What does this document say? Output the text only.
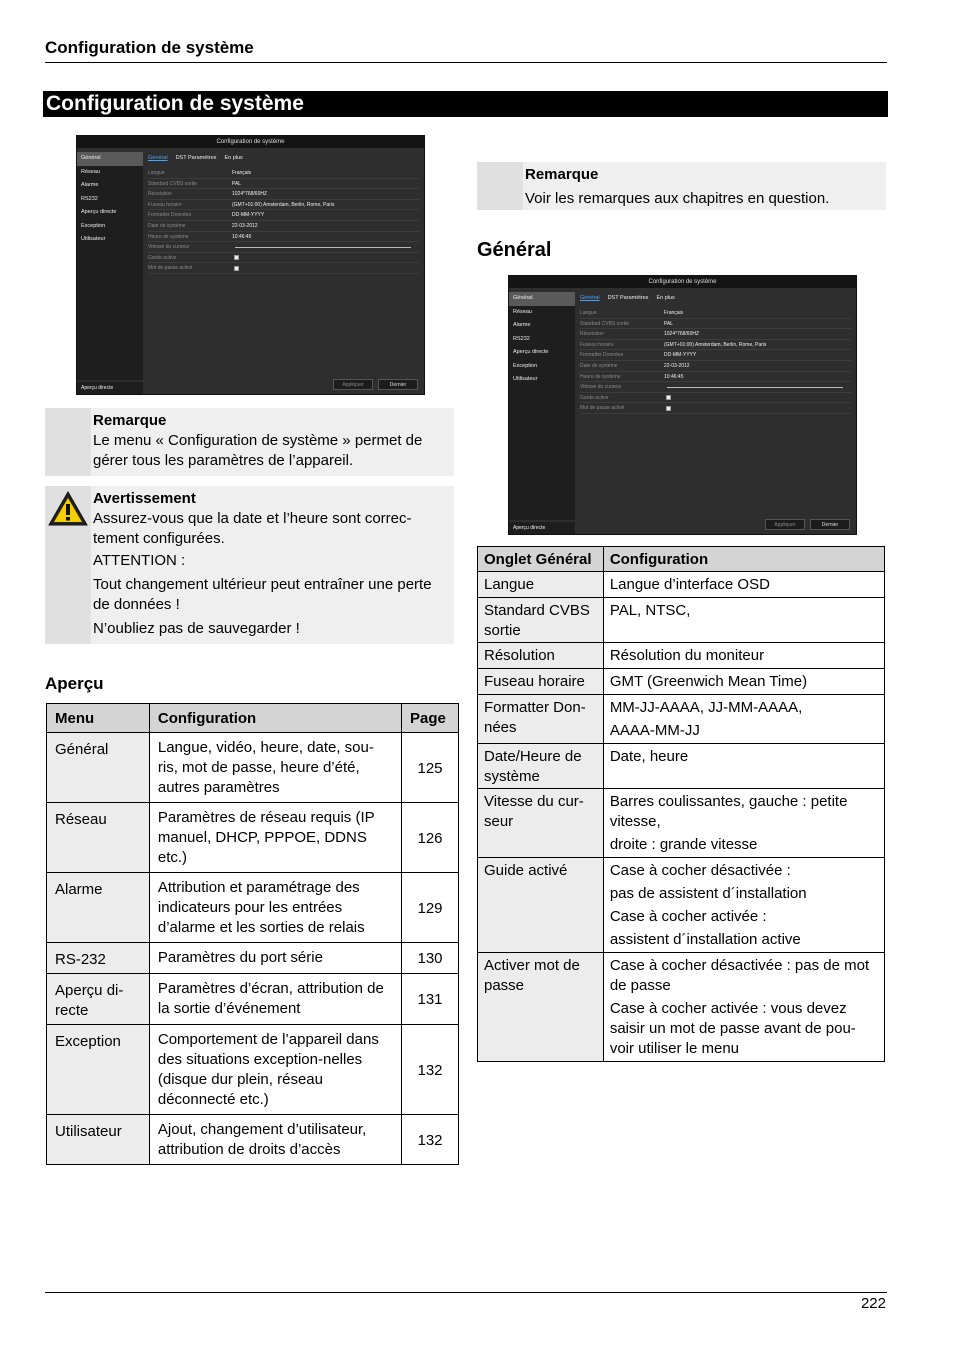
Configuration de système
Configuration de système
Configuration de système
Général
Réseau
Alarme
RS232
Aperçu directe
Exception
Utilisateur
Général DST Paramètres En plus
Langue	Français
Standard CVBS sortie	PAL
Résolution	1024*768/60HZ
Fuseau horaire	(GMT+01:00) Amsterdam, Berlin, Rome, Paris
Formatter Données	DD-MM-YYYY
Date de système	22-03-2012
Heure de système	10:46:45
Vitesse du curseur
Garde active
Mot de passe activé
Appliquer	Dernier
Aperçu directe
Remarque
Le menu « Configuration de système » permet de gérer tous les paramètres de l’appareil.
Avertissement
Assurez-vous que la date et l’heure sont correc-tement configurées.
ATTENTION :
Tout changement ultérieur peut entraîner une perte de données !
N’oubliez pas de sauvegarder !
Aperçu
Menu	Configuration	Page
Général	Langue, vidéo, heure, date, sou-ris, mot de passe, heure d’été, autres paramètres	125
Réseau	Paramètres de réseau requis (IP manuel, DHCP, PPPOE, DDNS etc.)	126
Alarme	Attribution et paramétrage des indicateurs pour les entrées d’alarme et les sorties de relais	129
RS-232	Paramètres du port série	130
Aperçu di-recte	Paramètres d’écran, attribution de la sortie d’événement	131
Exception	Comportement de l’appareil dans des situations exception-nelles (disque dur plein, réseau déconnecté etc.)	132
Utilisateur	Ajout, changement d’utilisateur, attribution de droits d’accès	132
Remarque
Voir les remarques aux chapitres en question.
Général
Configuration de système
Général
Réseau
Alarme
RS232
Aperçu directe
Exception
Utilisateur
Général DST Paramètres En plus
Langue	Français
Standard CVBS sortie	PAL
Résolution	1024*768/60HZ
Fuseau horaire	(GMT+01:00) Amsterdam, Berlin, Rome, Paris
Formatter Données	DD-MM-YYYY
Date de système	22-03-2012
Heure de système	10:46:45
Vitesse du curseur
Garde active
Mot de passe activé
Appliquer	Dernier
Aperçu directe
Onglet Général	Configuration
Langue	Langue d’interface OSD

Standard CVBS sortie	PAL, NTSC,

Résolution	Résolution du moniteur

Fuseau horaire	GMT (Greenwich Mean Time)

Formatter Don-nées	MM-JJ-AAAA, JJ-MM-AAAA,
AAAA-MM-JJ

Date/Heure de système	Date, heure

Vitesse du cur-seur	Barres coulissantes, gauche : petite vitesse,
droite : grande vitesse

Guide activé	Case à cocher désactivée :
pas de assistent d´installation
Case à cocher activée :
assistent d´installation active

Activer mot de passe	Case à cocher désactivée : pas de mot de passe
Case à cocher activée : vous devez saisir un mot de passe avant de pou-voir utiliser le menu
222
